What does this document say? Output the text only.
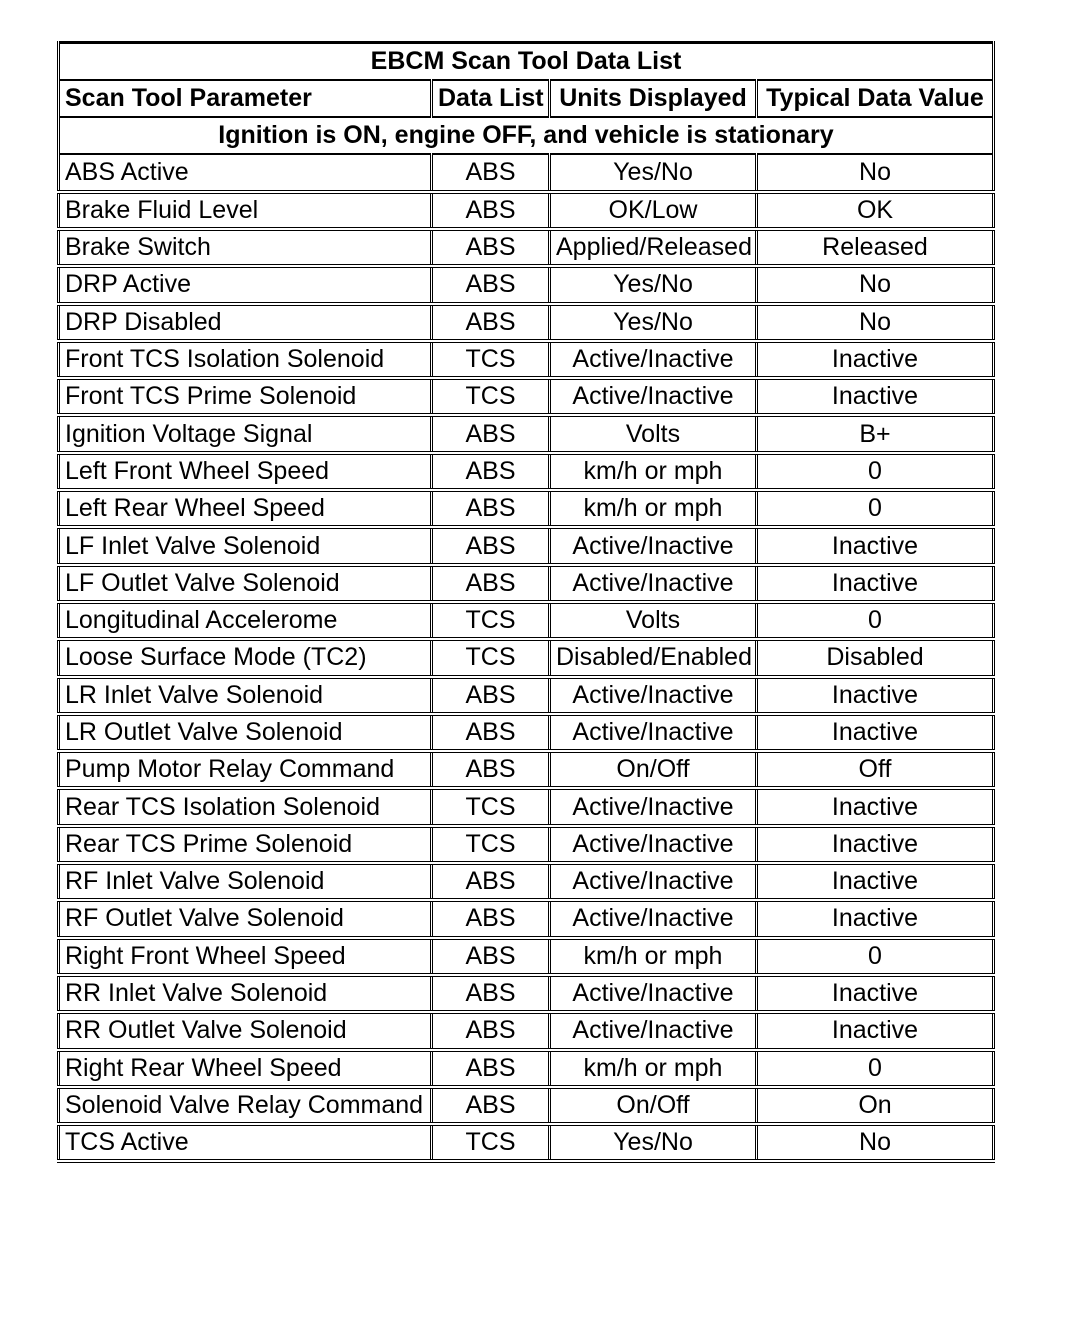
EBCM Scan Tool Data List			
Scan Tool Parameter	Data List	Units Displayed	Typical Data Value
Ignition is ON, engine OFF, and vehicle is stationary			
ABS Active	ABS	Yes/No	No
Brake Fluid Level	ABS	OK/Low	OK
Brake Switch	ABS	Applied/Released	Released
DRP Active	ABS	Yes/No	No
DRP Disabled	ABS	Yes/No	No
Front TCS Isolation Solenoid	TCS	Active/Inactive	Inactive
Front TCS Prime Solenoid	TCS	Active/Inactive	Inactive
Ignition Voltage Signal	ABS	Volts	B+
Left Front Wheel Speed	ABS	km/h or mph	0
Left Rear Wheel Speed	ABS	km/h or mph	0
LF Inlet Valve Solenoid	ABS	Active/Inactive	Inactive
LF Outlet Valve Solenoid	ABS	Active/Inactive	Inactive
Longitudinal Accelerome	TCS	Volts	0
Loose Surface Mode (TC2)	TCS	Disabled/Enabled	Disabled
LR Inlet Valve Solenoid	ABS	Active/Inactive	Inactive
LR Outlet Valve Solenoid	ABS	Active/Inactive	Inactive
Pump Motor Relay Command	ABS	On/Off	Off
Rear TCS Isolation Solenoid	TCS	Active/Inactive	Inactive
Rear TCS Prime Solenoid	TCS	Active/Inactive	Inactive
RF Inlet Valve Solenoid	ABS	Active/Inactive	Inactive
RF Outlet Valve Solenoid	ABS	Active/Inactive	Inactive
Right Front Wheel Speed	ABS	km/h or mph	0
RR Inlet Valve Solenoid	ABS	Active/Inactive	Inactive
RR Outlet Valve Solenoid	ABS	Active/Inactive	Inactive
Right Rear Wheel Speed	ABS	km/h or mph	0
Solenoid Valve Relay Command	ABS	On/Off	On
TCS Active	TCS	Yes/No	No
